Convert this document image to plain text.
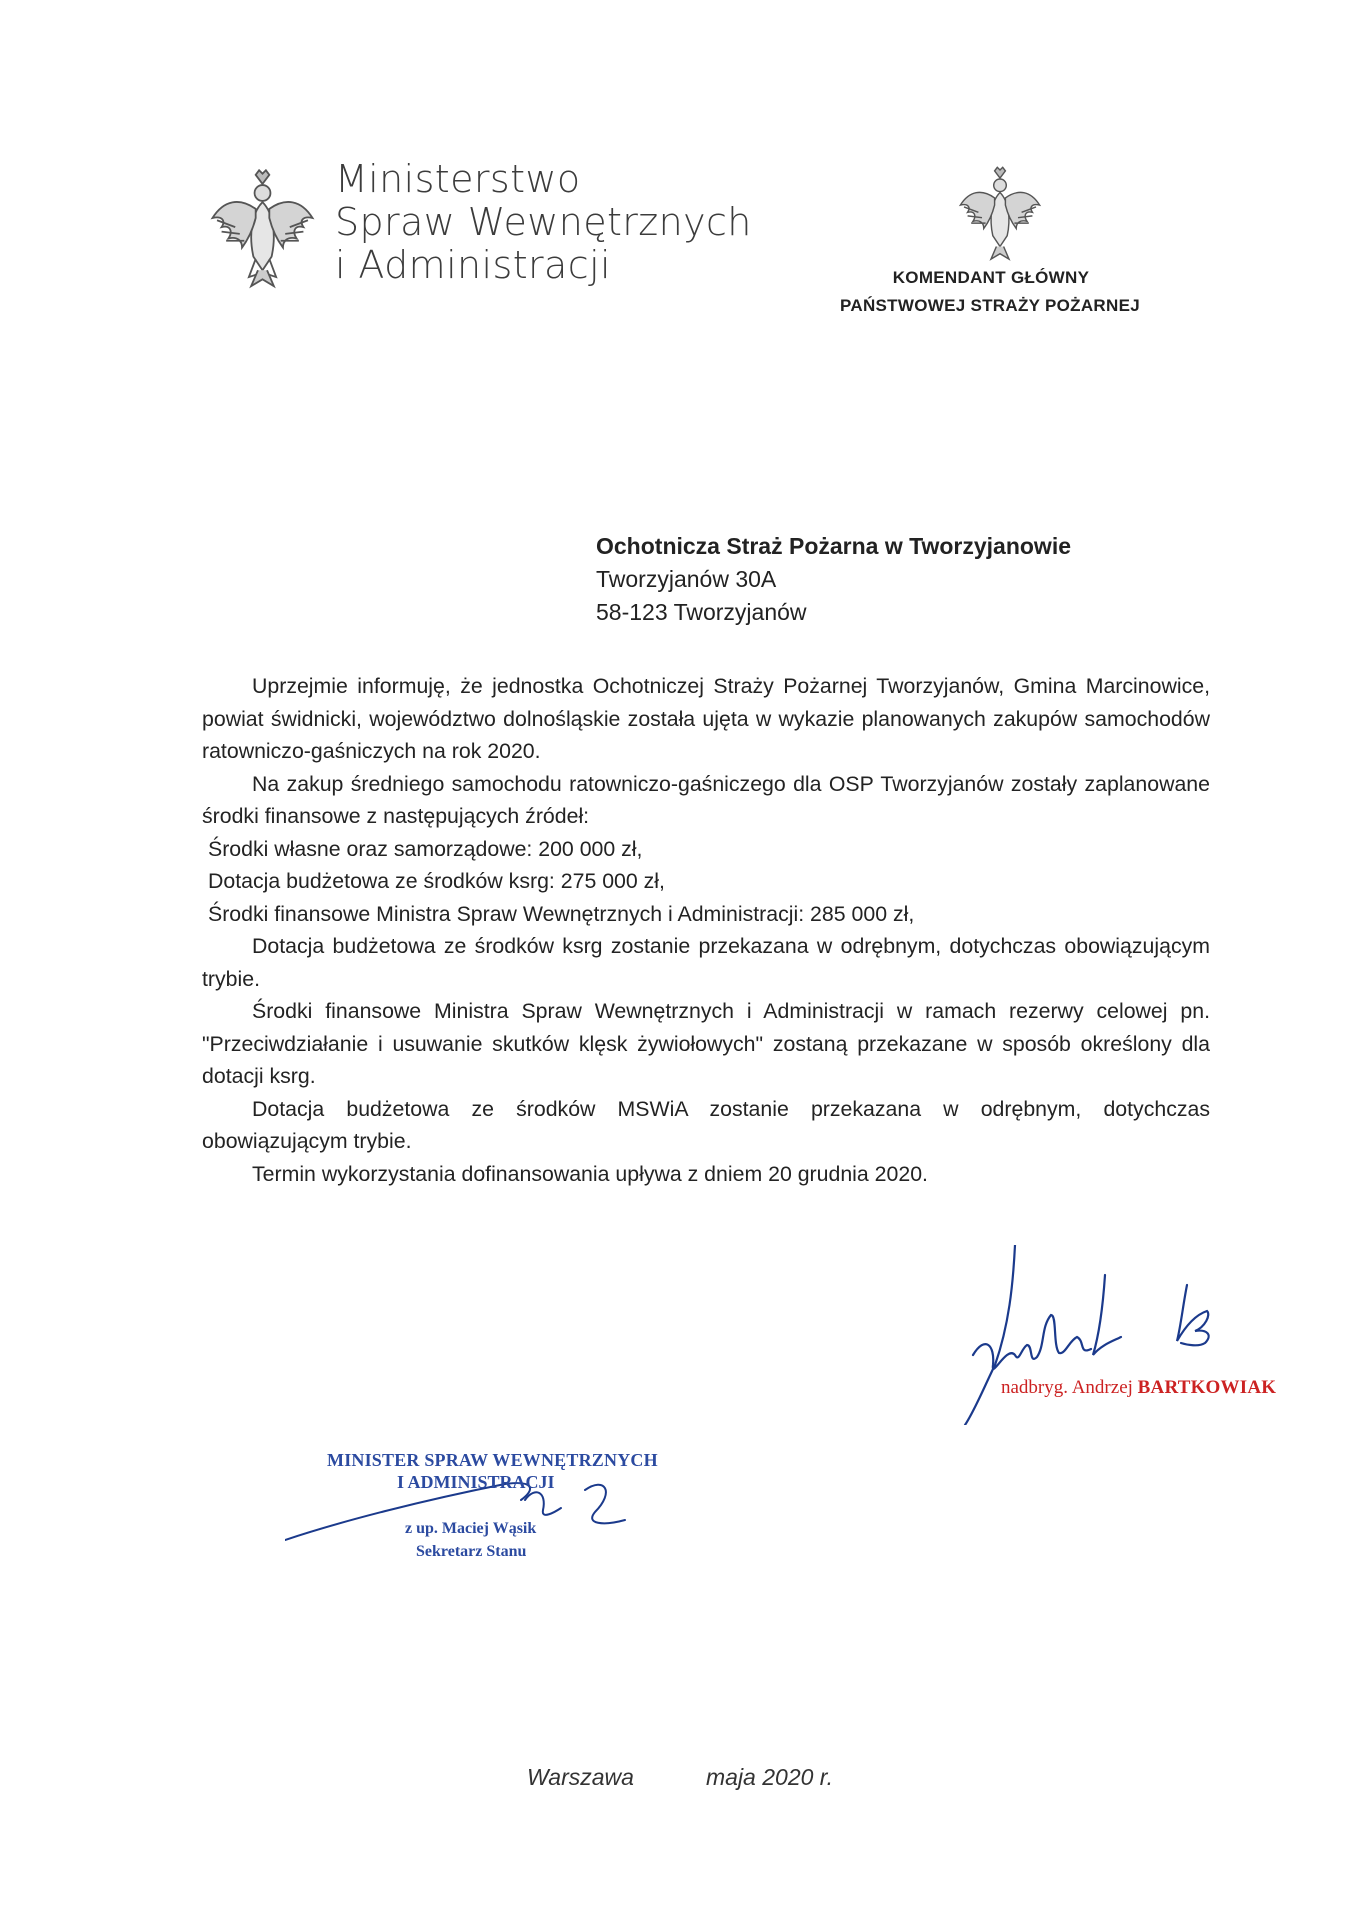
Ministerstwo
Spraw Wewnętrznych
i Administracji	KOMENDANT GŁÓWNY
PAŃSTWOWEJ STRAŻY POŻARNEJ
Ochotnicza Straż Pożarna w Tworzyjanowie
Tworzyjanów 30A
58-123 Tworzyjanów

Uprzejmie informuję, że jednostka Ochotniczej Straży Pożarnej Tworzyjanów, Gmina Marcinowice, powiat świdnicki, województwo dolnośląskie została ujęta w wykazie planowanych zakupów samochodów ratowniczo-gaśniczych na rok 2020.

Na zakup średniego samochodu ratowniczo-gaśniczego dla OSP Tworzyjanów zostały zaplanowane środki finansowe z następujących źródeł:

Środki własne oraz samorządowe: 200 000 zł,

Dotacja budżetowa ze środków ksrg: 275 000 zł,

Środki finansowe Ministra Spraw Wewnętrznych i Administracji: 285 000 zł,

Dotacja budżetowa ze środków ksrg zostanie przekazana w odrębnym, dotychczas obowiązującym trybie.

Środki finansowe Ministra Spraw Wewnętrznych i Administracji w ramach rezerwy celowej pn. "Przeciwdziałanie i usuwanie skutków klęsk żywiołowych" zostaną przekazane w sposób określony dla dotacji ksrg.

Dotacja budżetowa ze środków MSWiA zostanie przekazana w odrębnym, dotychczas obowiązującym trybie.

Termin wykorzystania dofinansowania upływa z dniem 20 grudnia 2020.

nadbryg. Andrzej BARTKOWIAK
MINISTER SPRAW WEWNĘTRZNYCH
I ADMINISTRACJI
z up. Maciej Wąsik
Sekretarz Stanu
Warszawa	maja 2020 r.
